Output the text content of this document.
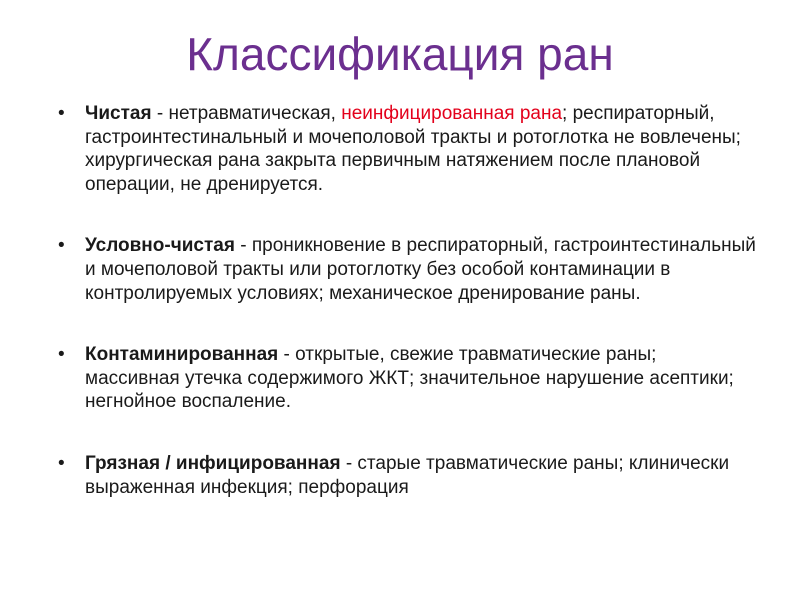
Классификация ран
• Чистая - нетравматическая, неинфицированная рана; респираторный, гастроинтестинальный и мочеполовой тракты и ротоглотка не вовлечены; хирургическая рана закрыта первичным натяжением после плановой операции, не дренируется.
• Условно-чистая - проникновение в респираторный, гастроинтестинальный и мочеполовой тракты или ротоглотку без особой контаминации в контролируемых условиях; механическое дренирование раны.
• Контаминированная - открытые, свежие травматические раны; массивная утечка содержимого ЖКТ; значительное нарушение асептики; негнойное воспаление.
• Грязная / инфицированная - старые травматические раны; клинически выраженная инфекция; перфорация
